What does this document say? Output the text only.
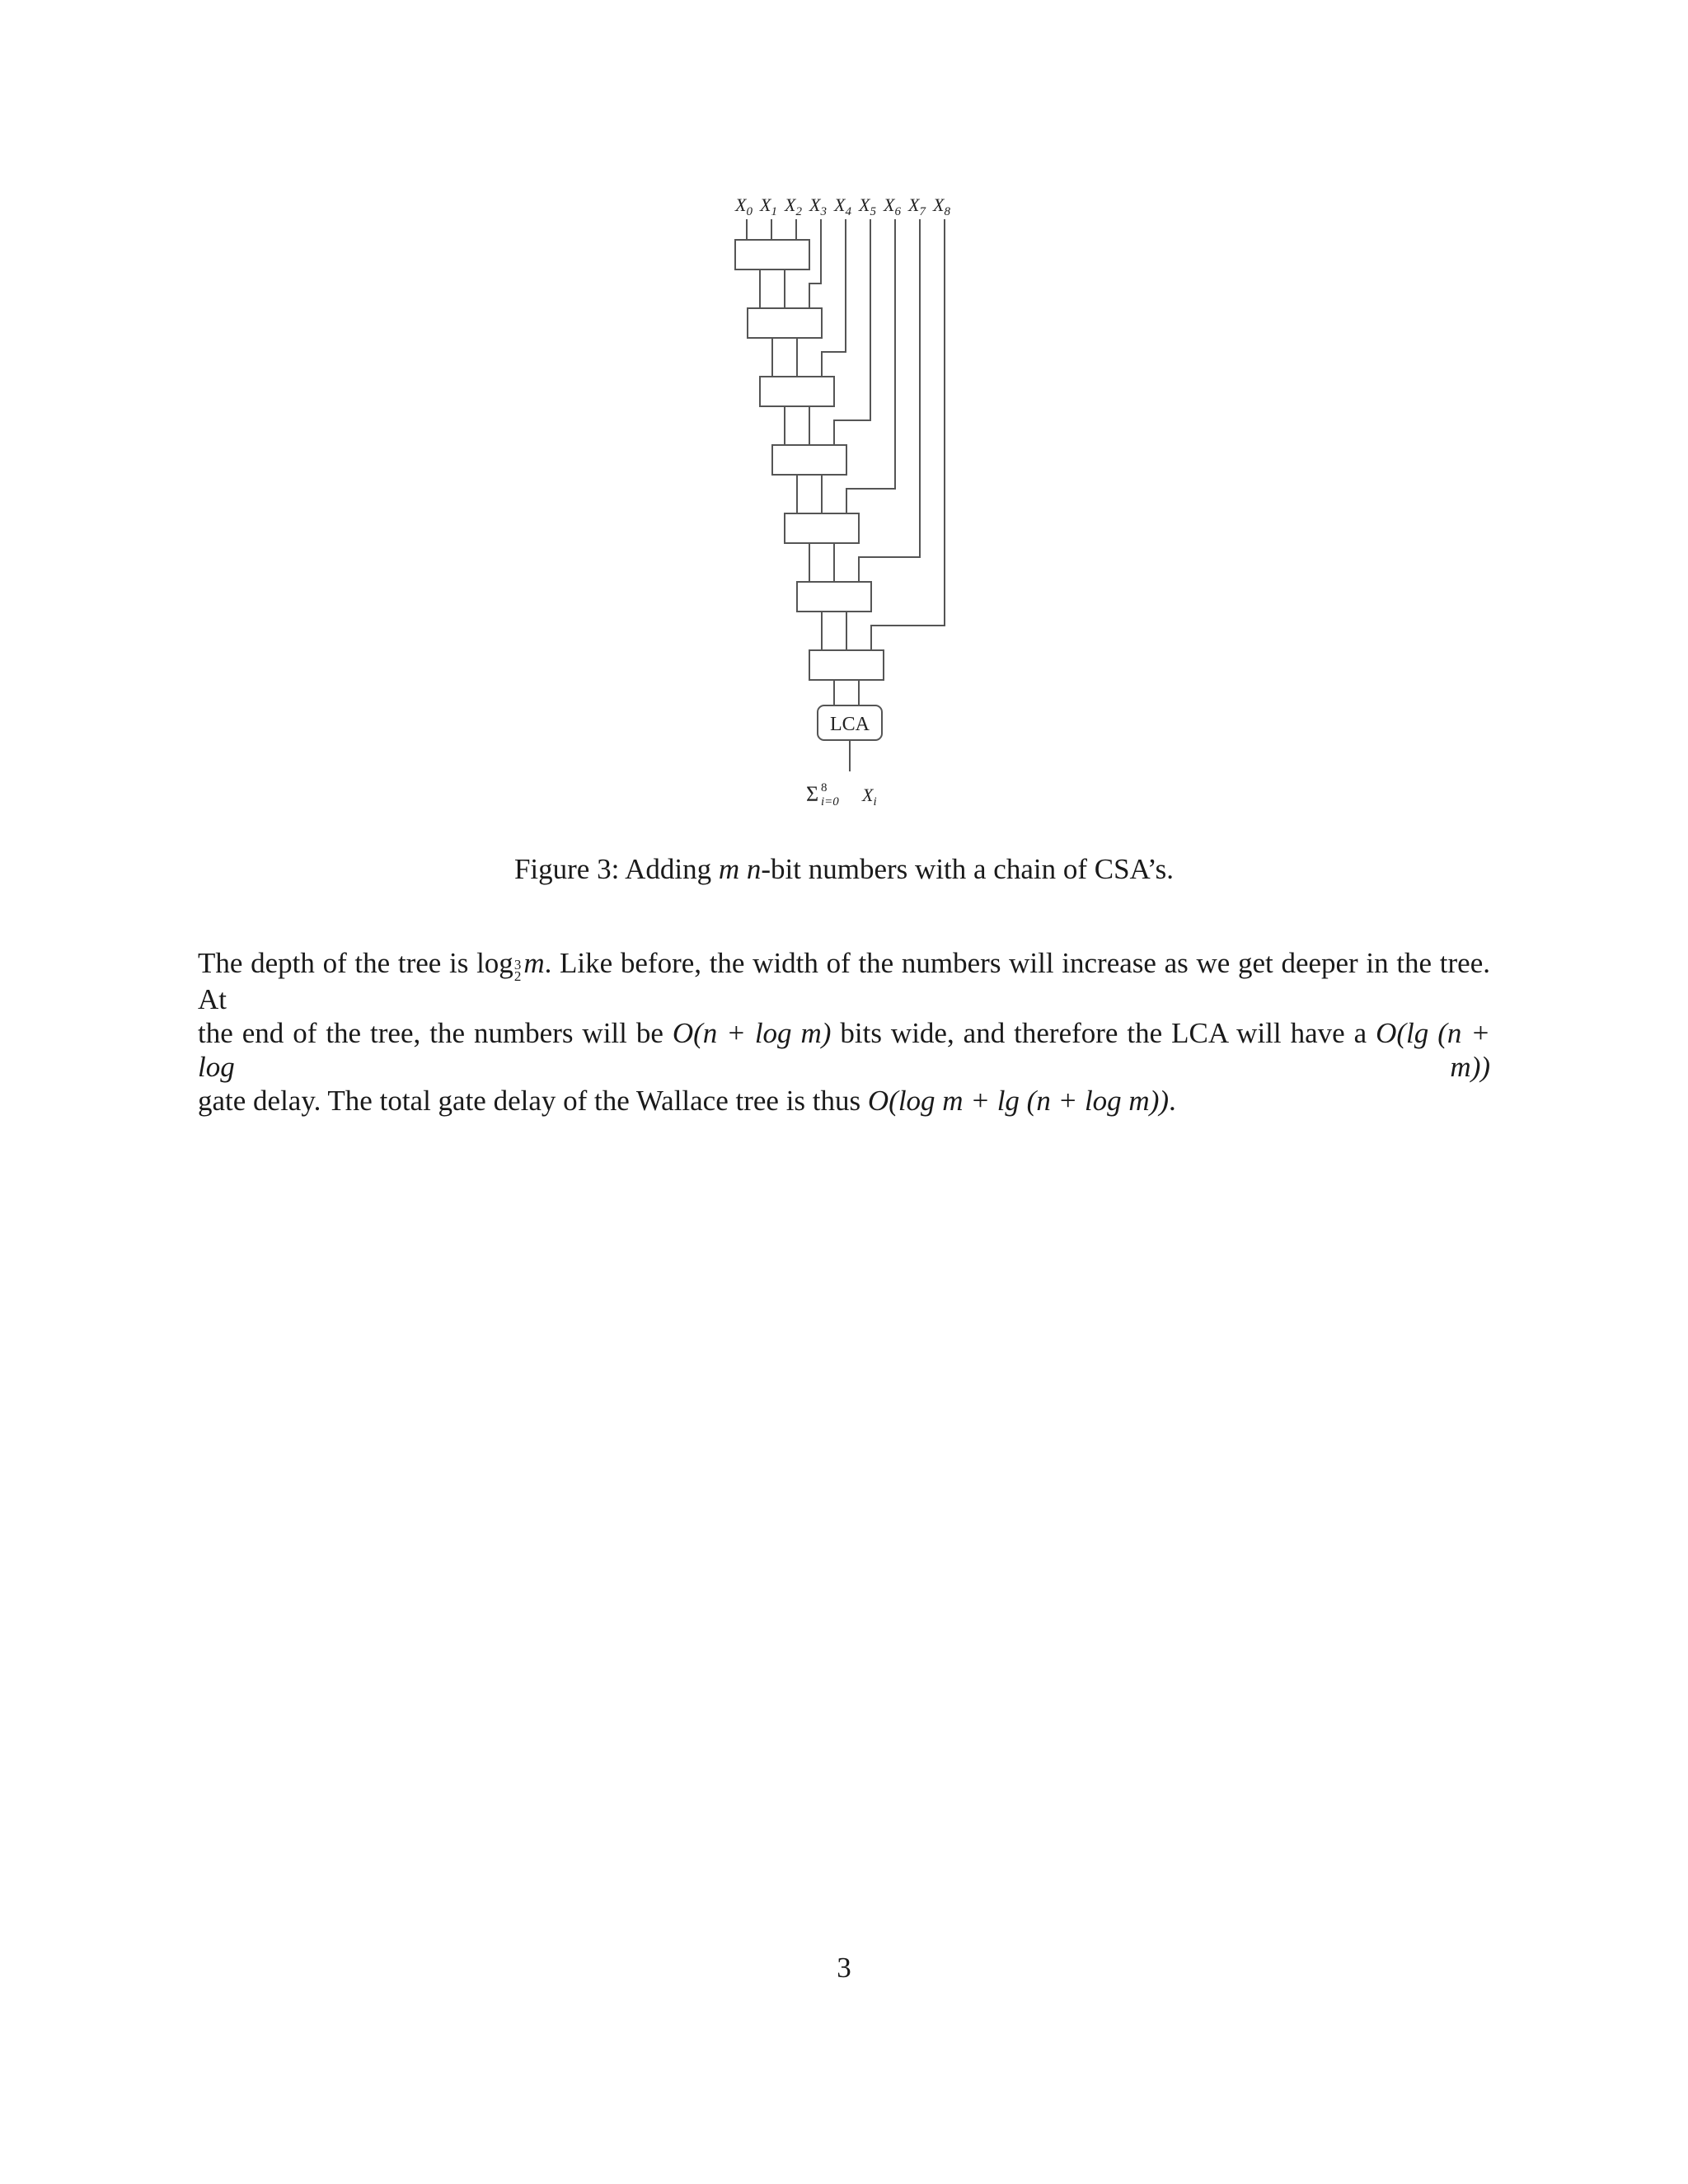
$X_0$ $X_1$ $X_2$ $X_3$ $X_4$ $X_5$ $X_6$ $X_7$ $X_8$
LCA
Σ 8
i=0 $X_i$
Figure 3: Adding m n-bit numbers with a chain of CSA’s.
The depth of the tree is log 3
2 m. Like before, the width of the numbers will increase as we get deeper in the tree. At
the end of the tree, the numbers will be O(n + log m) bits wide, and therefore the LCA will have a O(lg (n + log m))
gate delay. The total gate delay of the Wallace tree is thus O(log m + lg (n + log m)).
3
